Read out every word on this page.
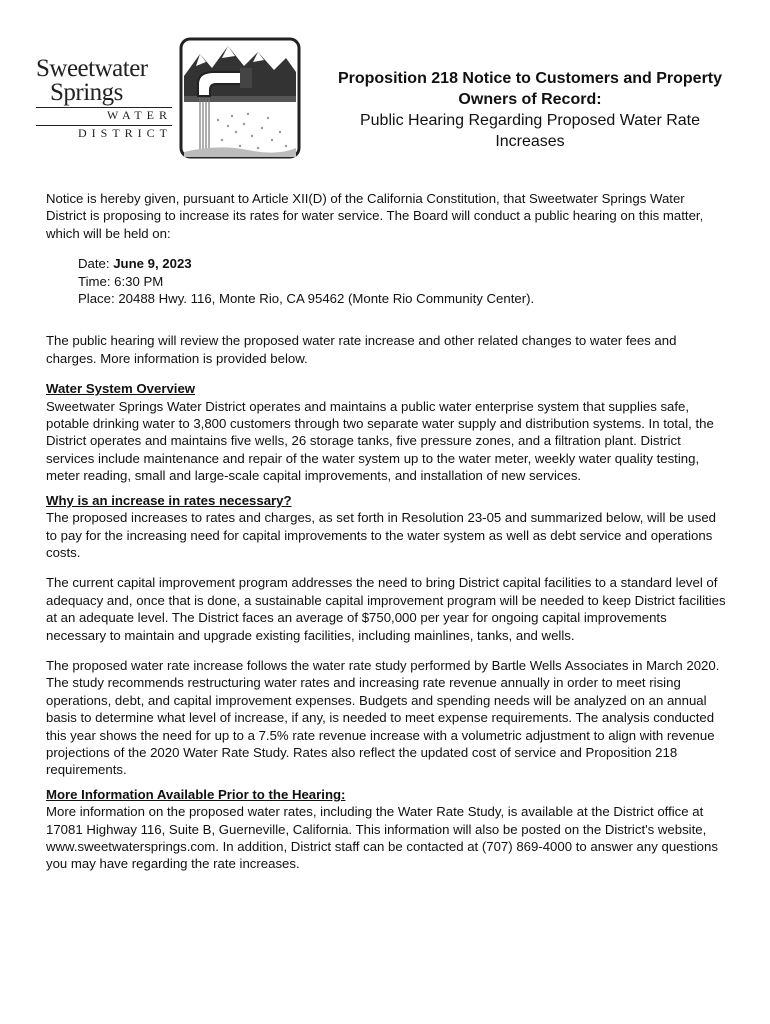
Sweetwater
Springs
WATER
DISTRICT
Proposition 218 Notice to Customers and Property
Owners of Record:
Public Hearing Regarding Proposed Water Rate
Increases

Notice is hereby given, pursuant to Article XII(D) of the California Constitution, that Sweetwater Springs Water District is proposing to increase its rates for water service. The Board will conduct a public hearing on this matter, which will be held on:

Date: June 9, 2023
Time: 6:30 PM
Place: 20488 Hwy. 116, Monte Rio, CA 95462 (Monte Rio Community Center).

The public hearing will review the proposed water rate increase and other related changes to water fees and charges. More information is provided below.

Water System Overview

Sweetwater Springs Water District operates and maintains a public water enterprise system that supplies safe, potable drinking water to 3,800 customers through two separate water supply and distribution systems. In total, the District operates and maintains five wells, 26 storage tanks, five pressure zones, and a filtration plant. District services include maintenance and repair of the water system up to the water meter, weekly water quality testing, meter reading, small and large-scale capital improvements, and installation of new services.

Why is an increase in rates necessary?

The proposed increases to rates and charges, as set forth in Resolution 23-05 and summarized below, will be used to pay for the increasing need for capital improvements to the water system as well as debt service and operations costs.

The current capital improvement program addresses the need to bring District capital facilities to a standard level of adequacy and, once that is done, a sustainable capital improvement program will be needed to keep District facilities at an adequate level. The District faces an average of $750,000 per year for ongoing capital improvements necessary to maintain and upgrade existing facilities, including mainlines, tanks, and wells.

The proposed water rate increase follows the water rate study performed by Bartle Wells Associates in March 2020. The study recommends restructuring water rates and increasing rate revenue annually in order to meet rising operations, debt, and capital improvement expenses. Budgets and spending needs will be analyzed on an annual basis to determine what level of increase, if any, is needed to meet expense requirements. The analysis conducted this year shows the need for up to a 7.5% rate revenue increase with a volumetric adjustment to align with revenue projections of the 2020 Water Rate Study. Rates also reflect the updated cost of service and Proposition 218 requirements.

More Information Available Prior to the Hearing:

More information on the proposed water rates, including the Water Rate Study, is available at the District office at 17081 Highway 116, Suite B, Guerneville, California. This information will also be posted on the District's website, www.sweetwatersprings.com. In addition, District staff can be contacted at (707) 869-4000 to answer any questions you may have regarding the rate increases.
